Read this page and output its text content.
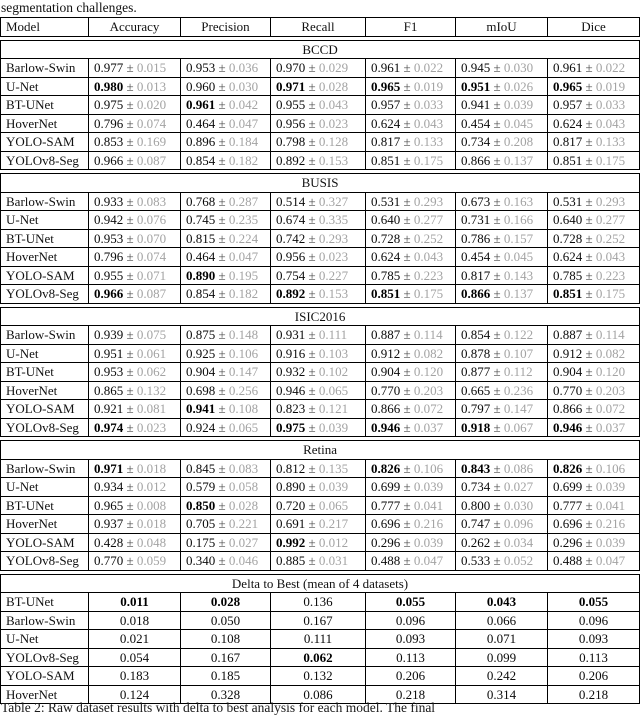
segmentation challenges.
Model	Accuracy	Precision	Recall	F1	mIoU	Dice
BCCD						
Barlow-Swin	0.977 ± 0.015	0.953 ± 0.036	0.970 ± 0.029	0.961 ± 0.022	0.945 ± 0.030	0.961 ± 0.022
U-Net	0.980 ± 0.013	0.960 ± 0.030	0.971 ± 0.028	0.965 ± 0.019	0.951 ± 0.026	0.965 ± 0.019
BT-UNet	0.975 ± 0.020	0.961 ± 0.042	0.955 ± 0.043	0.957 ± 0.033	0.941 ± 0.039	0.957 ± 0.033
HoverNet	0.796 ± 0.074	0.464 ± 0.047	0.956 ± 0.023	0.624 ± 0.043	0.454 ± 0.045	0.624 ± 0.043
YOLO-SAM	0.853 ± 0.169	0.896 ± 0.184	0.798 ± 0.128	0.817 ± 0.133	0.734 ± 0.208	0.817 ± 0.133
YOLOv8-Seg	0.966 ± 0.087	0.854 ± 0.182	0.892 ± 0.153	0.851 ± 0.175	0.866 ± 0.137	0.851 ± 0.175
BUSIS						
Barlow-Swin	0.933 ± 0.083	0.768 ± 0.287	0.514 ± 0.327	0.531 ± 0.293	0.673 ± 0.163	0.531 ± 0.293
U-Net	0.942 ± 0.076	0.745 ± 0.235	0.674 ± 0.335	0.640 ± 0.277	0.731 ± 0.166	0.640 ± 0.277
BT-UNet	0.953 ± 0.070	0.815 ± 0.224	0.742 ± 0.293	0.728 ± 0.252	0.786 ± 0.157	0.728 ± 0.252
HoverNet	0.796 ± 0.074	0.464 ± 0.047	0.956 ± 0.023	0.624 ± 0.043	0.454 ± 0.045	0.624 ± 0.043
YOLO-SAM	0.955 ± 0.071	0.890 ± 0.195	0.754 ± 0.227	0.785 ± 0.223	0.817 ± 0.143	0.785 ± 0.223
YOLOv8-Seg	0.966 ± 0.087	0.854 ± 0.182	0.892 ± 0.153	0.851 ± 0.175	0.866 ± 0.137	0.851 ± 0.175
ISIC2016						
Barlow-Swin	0.939 ± 0.075	0.875 ± 0.148	0.931 ± 0.111	0.887 ± 0.114	0.854 ± 0.122	0.887 ± 0.114
U-Net	0.951 ± 0.061	0.925 ± 0.106	0.916 ± 0.103	0.912 ± 0.082	0.878 ± 0.107	0.912 ± 0.082
BT-UNet	0.953 ± 0.062	0.904 ± 0.147	0.932 ± 0.102	0.904 ± 0.120	0.877 ± 0.112	0.904 ± 0.120
HoverNet	0.865 ± 0.132	0.698 ± 0.256	0.946 ± 0.065	0.770 ± 0.203	0.665 ± 0.236	0.770 ± 0.203
YOLO-SAM	0.921 ± 0.081	0.941 ± 0.108	0.823 ± 0.121	0.866 ± 0.072	0.797 ± 0.147	0.866 ± 0.072
YOLOv8-Seg	0.974 ± 0.023	0.924 ± 0.065	0.975 ± 0.039	0.946 ± 0.037	0.918 ± 0.067	0.946 ± 0.037
Retina						
Barlow-Swin	0.971 ± 0.018	0.845 ± 0.083	0.812 ± 0.135	0.826 ± 0.106	0.843 ± 0.086	0.826 ± 0.106
U-Net	0.934 ± 0.012	0.579 ± 0.058	0.890 ± 0.039	0.699 ± 0.039	0.734 ± 0.027	0.699 ± 0.039
BT-UNet	0.965 ± 0.008	0.850 ± 0.028	0.720 ± 0.065	0.777 ± 0.041	0.800 ± 0.030	0.777 ± 0.041
HoverNet	0.937 ± 0.018	0.705 ± 0.221	0.691 ± 0.217	0.696 ± 0.216	0.747 ± 0.096	0.696 ± 0.216
YOLO-SAM	0.428 ± 0.048	0.175 ± 0.027	0.992 ± 0.012	0.296 ± 0.039	0.262 ± 0.034	0.296 ± 0.039
YOLOv8-Seg	0.770 ± 0.059	0.340 ± 0.046	0.885 ± 0.031	0.488 ± 0.047	0.533 ± 0.052	0.488 ± 0.047
Delta to Best (mean of 4 datasets)						
BT-UNet	0.011	0.028	0.136	0.055	0.043	0.055
Barlow-Swin	0.018	0.050	0.167	0.096	0.066	0.096
U-Net	0.021	0.108	0.111	0.093	0.071	0.093
YOLOv8-Seg	0.054	0.167	0.062	0.113	0.099	0.113
YOLO-SAM	0.183	0.185	0.132	0.206	0.242	0.206
HoverNet	0.124	0.328	0.086	0.218	0.314	0.218
Table 2: Raw dataset results with delta to best analysis for each model. The final
